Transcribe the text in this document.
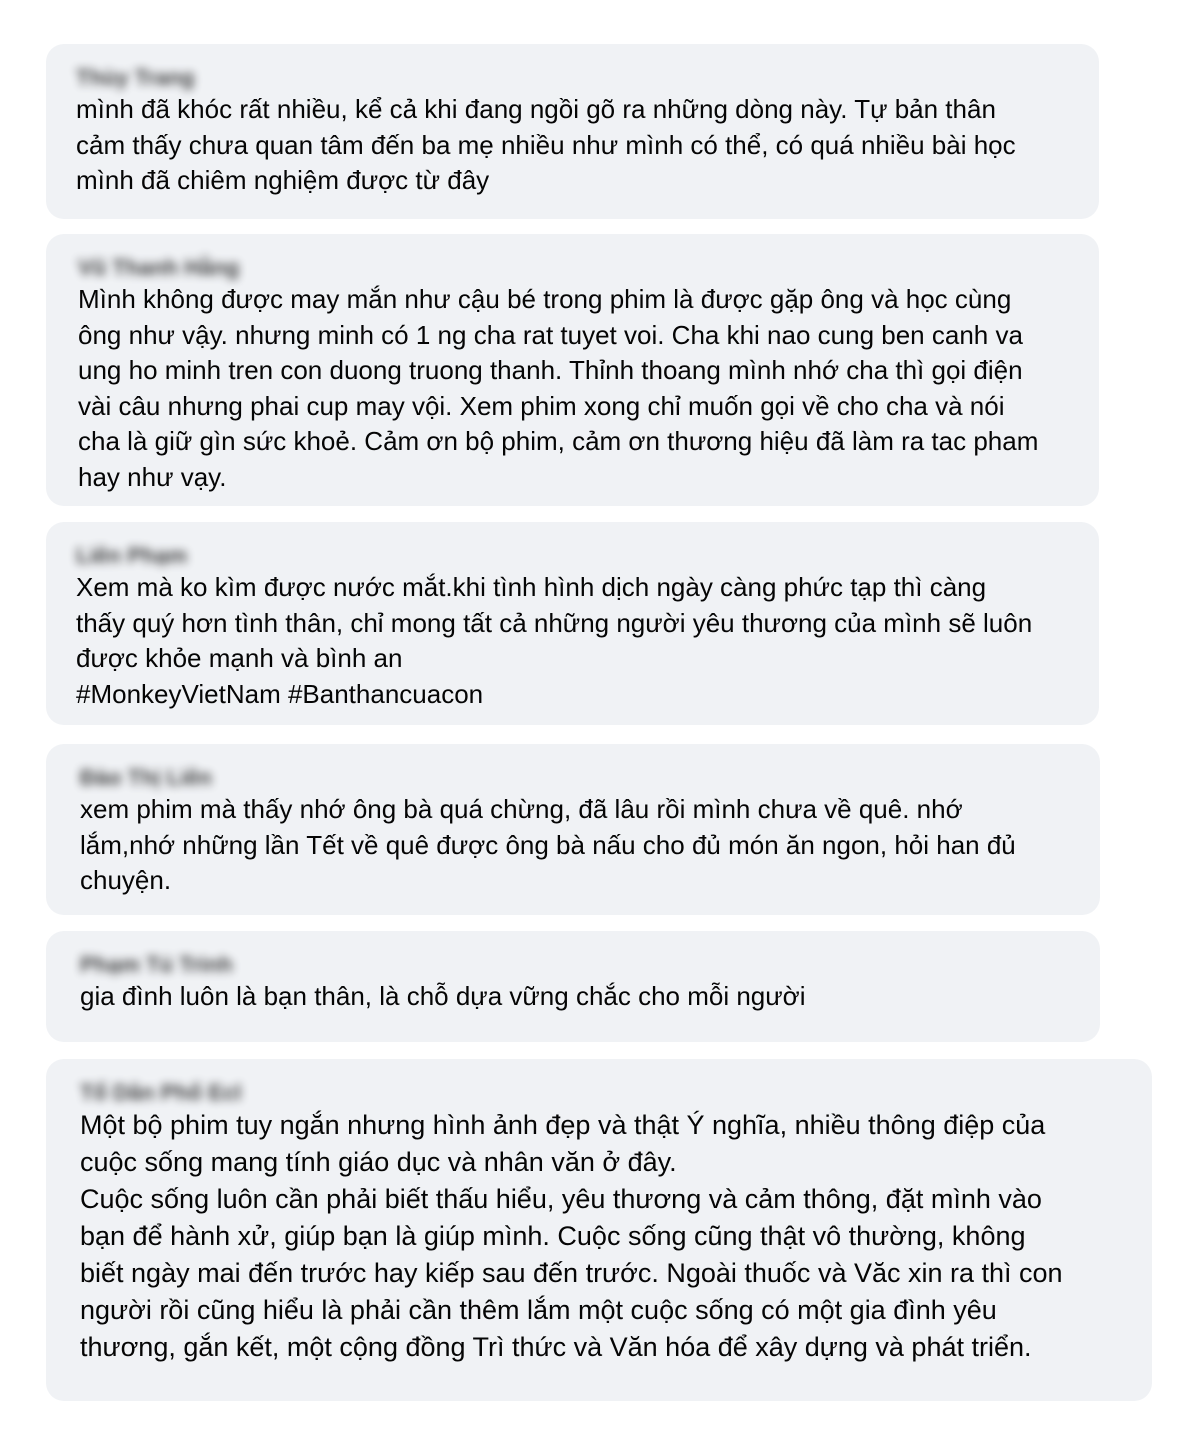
Thùy Trang
mình đã khóc rất nhiều, kể cả khi đang ngồi gõ ra những dòng này. Tự bản thân
cảm thấy chưa quan tâm đến ba mẹ nhiều như mình có thể, có quá nhiều bài học
mình đã chiêm nghiệm được từ đây
Vũ Thanh Hằng
Mình không được may mắn như cậu bé trong phim là được gặp ông và học cùng
ông như vậy. nhưng minh có 1 ng cha rat tuyet voi. Cha khi nao cung ben canh va
ung ho minh tren con duong truong thanh. Thỉnh thoang mình nhớ cha thì gọi điện
vài câu nhưng phai cup may vội. Xem phim xong chỉ muốn gọi về cho cha và nói
cha là giữ gìn sức khoẻ. Cảm ơn bộ phim, cảm ơn thương hiệu đã làm ra tac pham
hay như vạy.
Liên Phạm
Xem mà ko kìm được nước mắt.khi tình hình dịch ngày càng phức tạp thì càng
thấy quý hơn tình thân, chỉ mong tất cả những người yêu thương của mình sẽ luôn
được khỏe mạnh và bình an
#MonkeyVietNam #Banthancuacon
Đào Thị Liên
xem phim mà thấy nhớ ông bà quá chừng, đã lâu rồi mình chưa về quê. nhớ
lắm,nhớ những lần Tết về quê được ông bà nấu cho đủ món ăn ngon, hỏi han đủ
chuyện.
Phạm Tú Trinh
gia đình luôn là bạn thân, là chỗ dựa vững chắc cho mỗi người
Tổ Dân Phố Ecl
Một bộ phim tuy ngắn nhưng hình ảnh đẹp và thật Ý nghĩa, nhiều thông điệp của
cuộc sống mang tính giáo dục và nhân văn ở đây.
Cuộc sống luôn cần phải biết thấu hiểu, yêu thương và cảm thông, đặt mình vào
bạn để hành xử, giúp bạn là giúp mình. Cuộc sống cũng thật vô thường, không
biết ngày mai đến trước hay kiếp sau đến trước. Ngoài thuốc và Văc xin ra thì con
người rồi cũng hiểu là phải cần thêm lắm một cuộc sống có một gia đình yêu
thương, gắn kết, một cộng đồng Trì thức và Văn hóa để xây dựng và phát triển.
